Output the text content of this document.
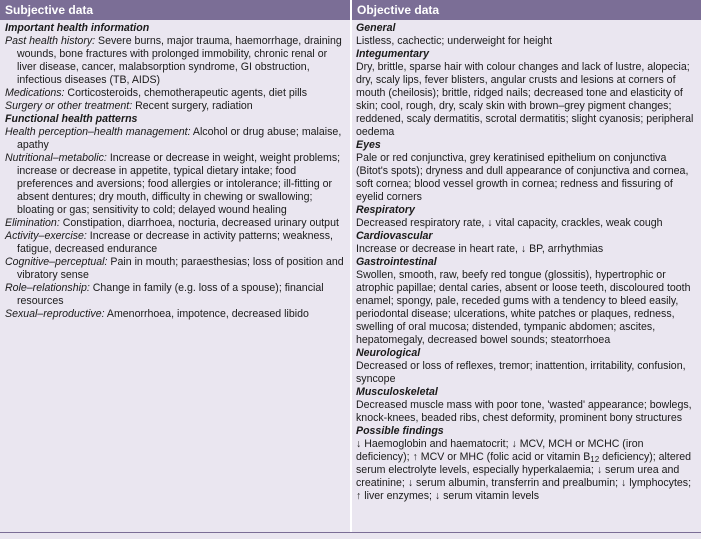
Subjective data	Objective data
Important health information
Past health history: Severe burns, major trauma, haemorrhage, draining wounds, bone fractures with prolonged immobility, chronic renal or liver disease, cancer, malabsorption syndrome, GI obstruction, infectious diseases (TB, AIDS)
Medications: Corticosteroids, chemotherapeutic agents, diet pills
Surgery or other treatment: Recent surgery, radiation
Functional health patterns
Health perception–health management: Alcohol or drug abuse; malaise, apathy
Nutritional–metabolic: Increase or decrease in weight, weight problems; increase or decrease in appetite, typical dietary intake; food preferences and aversions; food allergies or intolerance; ill-fitting or absent dentures; dry mouth, difficulty in chewing or swallowing; bloating or gas; sensitivity to cold; delayed wound healing
Elimination: Constipation, diarrhoea, nocturia, decreased urinary output
Activity–exercise: Increase or decrease in activity patterns; weakness, fatigue, decreased endurance
Cognitive–perceptual: Pain in mouth; paraesthesias; loss of position and vibratory sense
Role–relationship: Change in family (e.g. loss of a spouse); financial resources
Sexual–reproductive: Amenorrhoea, impotence, decreased libido
General
Listless, cachectic; underweight for height
Integumentary
Dry, brittle, sparse hair with colour changes and lack of lustre, alopecia; dry, scaly lips, fever blisters, angular crusts and lesions at corners of mouth (cheilosis); brittle, ridged nails; decreased tone and elasticity of skin; cool, rough, dry, scaly skin with brown–grey pigment changes; reddened, scaly dermatitis, scrotal dermatitis; slight cyanosis; peripheral oedema
Eyes
Pale or red conjunctiva, grey keratinised epithelium on conjunctiva (Bitot's spots); dryness and dull appearance of conjunctiva and cornea, soft cornea; blood vessel growth in cornea; redness and fissuring of eyelid corners
Respiratory
Decreased respiratory rate, ↓ vital capacity, crackles, weak cough
Cardiovascular
Increase or decrease in heart rate, ↓ BP, arrhythmias
Gastrointestinal
Swollen, smooth, raw, beefy red tongue (glossitis), hypertrophic or atrophic papillae; dental caries, absent or loose teeth, discoloured tooth enamel; spongy, pale, receded gums with a tendency to bleed easily, periodontal disease; ulcerations, white patches or plaques, redness, swelling of oral mucosa; distended, tympanic abdomen; ascites, hepatomegaly, decreased bowel sounds; steatorrhoea
Neurological
Decreased or loss of reflexes, tremor; inattention, irritability, confusion, syncope
Musculoskeletal
Decreased muscle mass with poor tone, 'wasted' appearance; bowlegs, knock-knees, beaded ribs, chest deformity, prominent bony structures
Possible findings
↓ Haemoglobin and haematocrit; ↓ MCV, MCH or MCHC (iron deficiency); ↑ MCV or MHC (folic acid or vitamin $B_{12}$ deficiency); altered serum electrolyte levels, especially hyperkalaemia; ↓ serum urea and creatinine; ↓ serum albumin, transferrin and prealbumin; ↓ lymphocytes; ↑ liver enzymes; ↓ serum vitamin levels
